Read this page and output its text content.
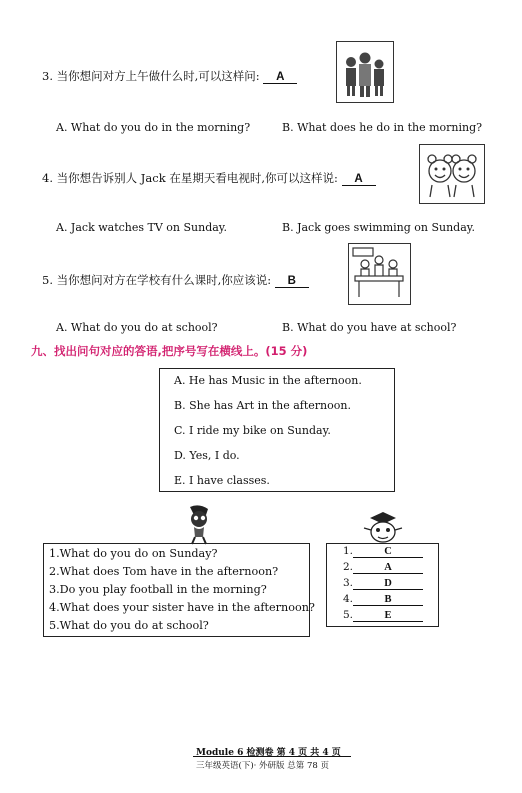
3. 当你想问对方上午做什么时,可以这样问: A
A. What do you do in the morning?	B. What does he do in the morning?
4. 当你想告诉别人 Jack 在星期天看电视时,你可以这样说: A
A. Jack watches TV on Sunday.	B. Jack goes swimming on Sunday.
5. 当你想问对方在学校有什么课时,你应该说: B
A. What do you do at school?	B. What do you have at school?
九、找出问句对应的答语,把序号写在横线上。(15 分)
A. He has Music in the afternoon.
B. She has Art in the afternoon.
C. I ride my bike on Sunday.
D. Yes, I do.
E. I have classes.
1.What do you do on Sunday?
2.What does Tom have in the afternoon?
3.Do you play football in the morning?
4.What does your sister have in the afternoon?
5.What do you do at school?
1.	C
2.	A
3.	D
4.	B
5.	E
Module 6 检测卷 第 4 页 共 4 页
三年级英语(下)· 外研版 总第 78 页
